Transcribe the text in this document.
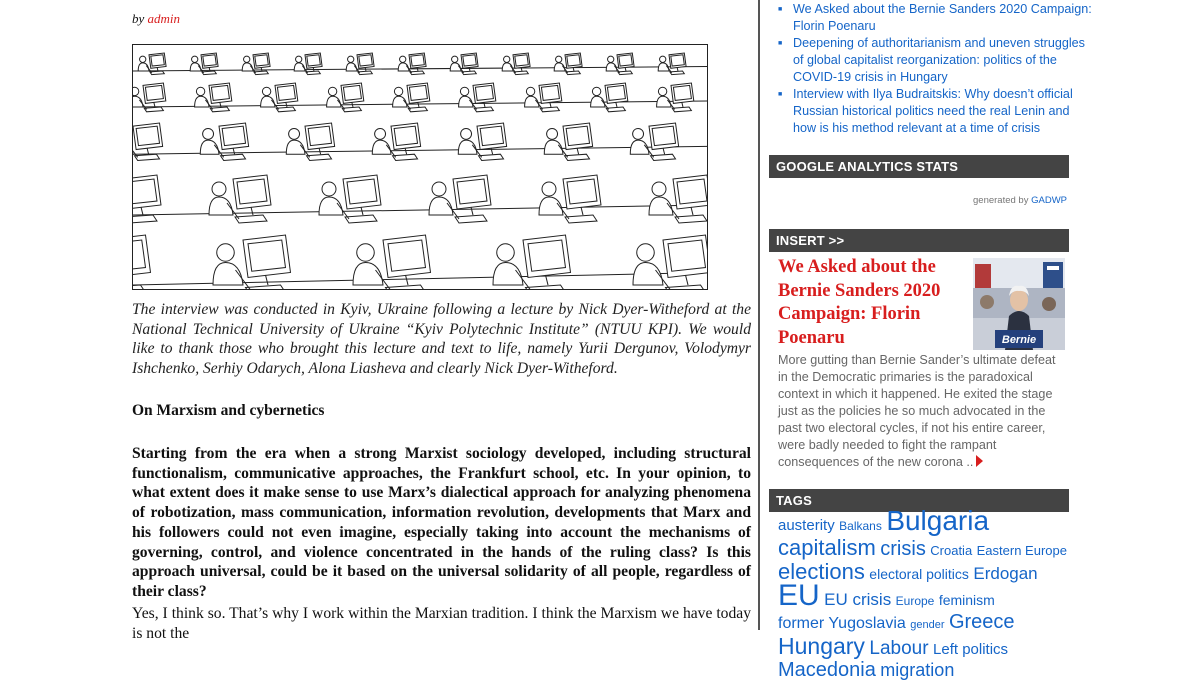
by admin
The interview was conducted in Kyiv, Ukraine following a lecture by Nick Dyer-Witheford at the National Technical University of Ukraine “Kyiv Polytechnic Institute” (NTUU KPI). We would like to thank those who brought this lecture and text to life, namely Yurii Dergunov, Volodymyr Ishchenko, Serhiy Odarych, Alona Liasheva and clearly Nick Dyer-Witheford.
On Marxism and cybernetics
Starting from the era when a strong Marxist sociology developed, including structural functionalism, communicative approaches, the Frankfurt school, etc. In your opinion, to what extent does it make sense to use Marx’s dialectical approach for analyzing phenomena of robotization, mass communication, information revolution, developments that Marx and his followers could not even imagine, especially taking into account the mechanisms of governing, control, and violence concentrated in the hands of the ruling class? Is this approach universal, could be it based on the universal solidarity of all people, regardless of their class?
Yes, I think so. That’s why I work within the Marxian tradition. I think the Marxism we have today is not the
■ We Asked about the Bernie Sanders 2020 Campaign: Florin Poenaru
■ Deepening of authoritarianism and uneven struggles of global capitalist reorganization: politics of the COVID-19 crisis in Hungary
■ Interview with Ilya Budraitskis: Why doesn’t official Russian historical politics need the real Lenin and how is his method relevant at a time of crisis
GOOGLE ANALYTICS STATS
generated by GADWP
INSERT >>
We Asked about the Bernie Sanders 2020 Campaign: Florin Poenaru	Bernie
More gutting than Bernie Sander’s ultimate defeat in the Democratic primaries is the paradoxical context in which it happened. He exited the stage just as the policies he so much advocated in the past two electoral cycles, if not his entire career, were badly needed to fight the rampant consequences of the new corona ..
TAGS
austerity Balkans Bulgaria capitalism crisis Croatia Eastern Europe elections electoral politics Erdogan EU EU crisis Europe feminism former Yugoslavia gender Greece Hungary Labour Left politics Macedonia migration
